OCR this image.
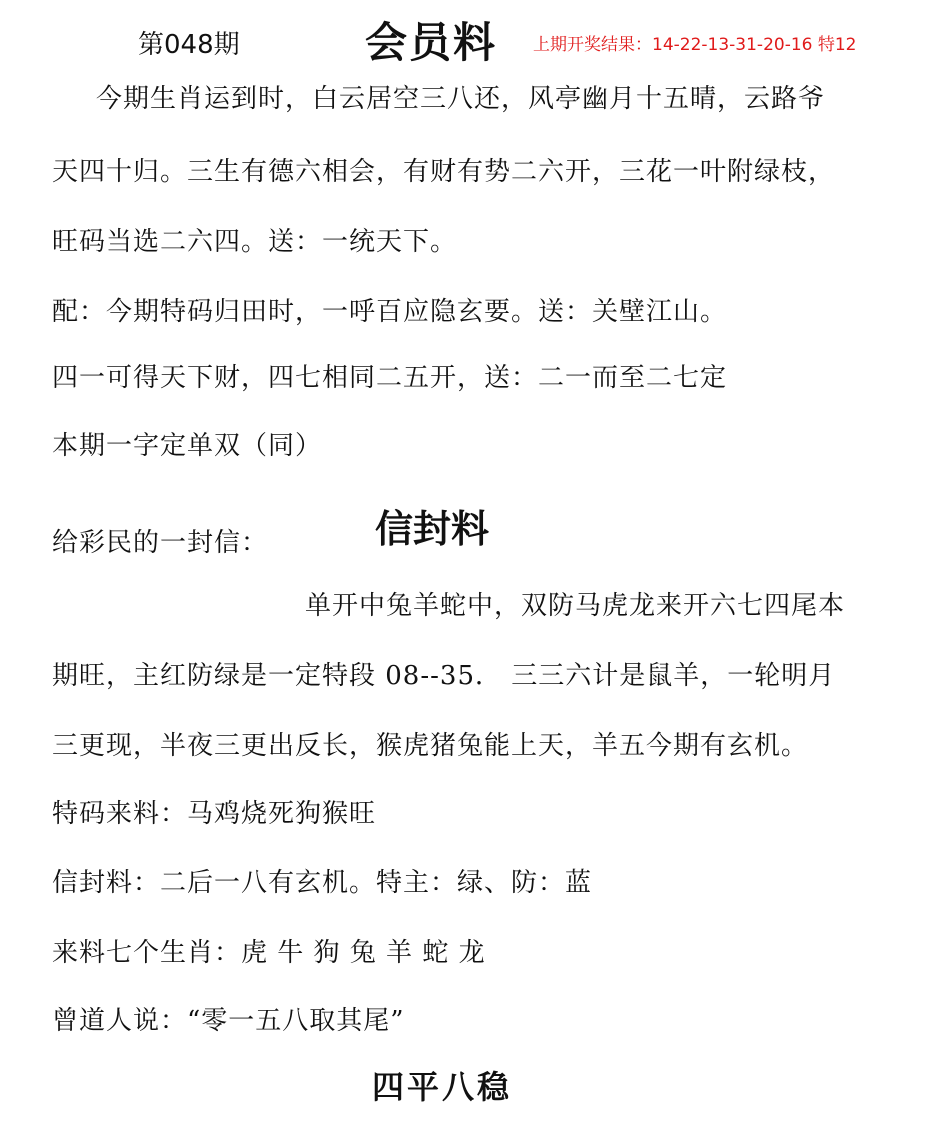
第048期	会员料 上期开奖结果：14-22-13-31-20-16 特12
今期生肖运到时，白云居空三八还，风亭幽月十五晴，云路爷
天四十归。三生有德六相会，有财有势二六开，三花一叶附绿枝，
旺码当选二六四。送：一统天下。
配：今期特码归田时，一呼百应隐玄要。送：关壁江山。
四一可得天下财，四七相同二五开，送：二一而至二七定
本期一字定单双（同）
给彩民的一封信：	信封料
单开中兔羊蛇中，双防马虎龙来开六七四尾本
期旺，主红防绿是一定特段 08--35． 三三六计是鼠羊，一轮明月
三更现，半夜三更出反长，猴虎猪兔能上天，羊五今期有玄机。
特码来料：马鸡烧死狗猴旺
信封料：二后一八有玄机。特主：绿、防：蓝
来料七个生肖：虎 牛 狗 兔 羊 蛇 龙
曾道人说：“零一五八取其尾”
四平八稳
